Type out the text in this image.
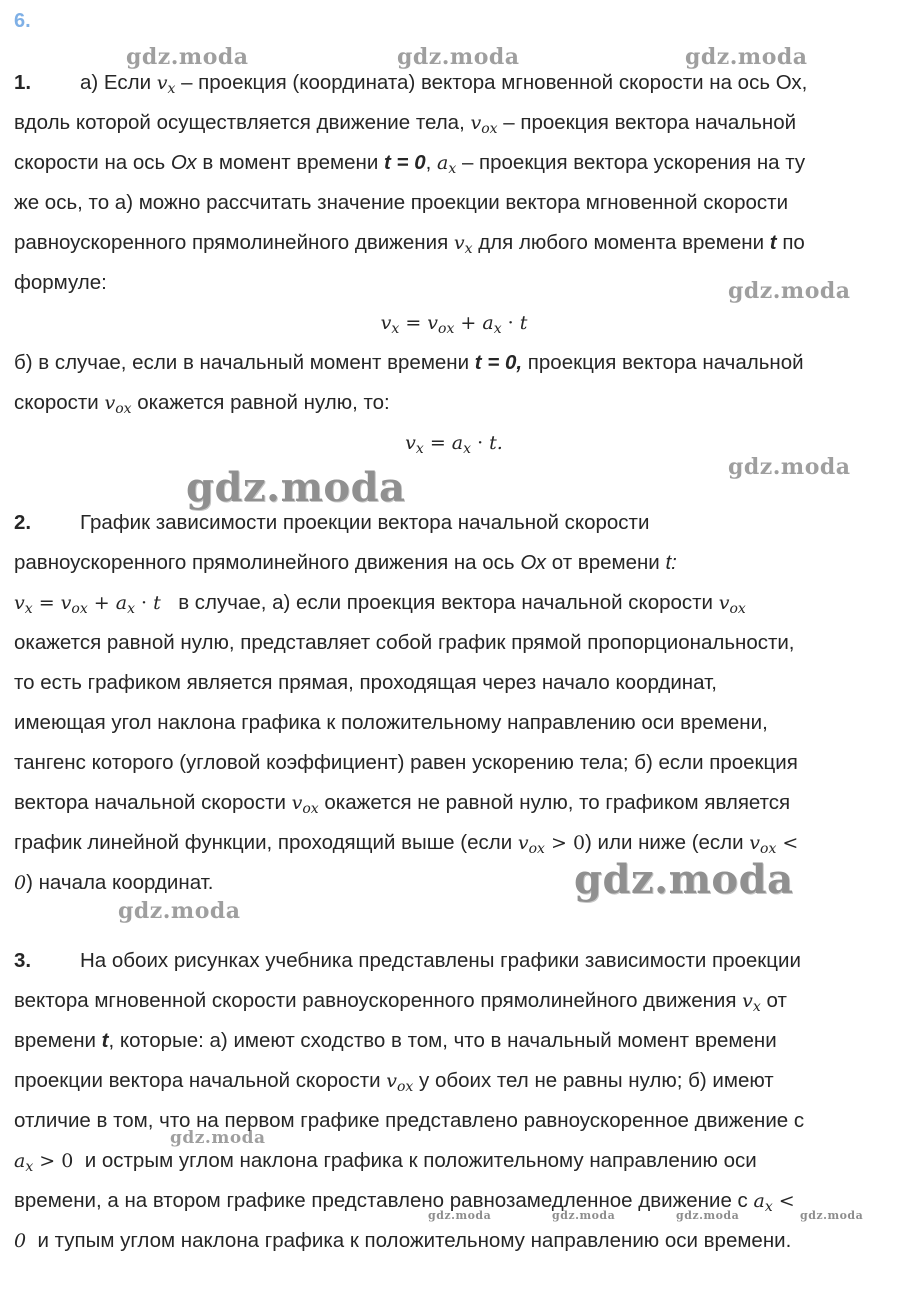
6.
gdz.moda	gdz.moda	gdz.moda
gdz.moda
gdz.moda
gdz.moda
gdz.moda
gdz.moda
gdz.moda
gdz.moda	gdz.moda	gdz.moda	gdz.moda
1. а) Если $v_x$ – проекция (координата) вектора мгновенной скорости на ось Ох,
вдоль которой осуществляется движение тела, $v_{ox}$ – проекция вектора начальной
скорости на ось Ох в момент времени t = 0, $a_x$ – проекция вектора ускорения на ту
же ось, то а) можно рассчитать значение проекции вектора мгновенной скорости
равноускоренного прямолинейного движения $v_x$ для любого момента времени t по
формуле:
$v_x = v_{ox} + a_x \cdot t$
б) в случае, если в начальный момент времени t = 0, проекция вектора начальной
скорости $v_{ox}$ окажется равной нулю, то:
$v_x = a_x \cdot t$.
2. График зависимости проекции вектора начальной скорости
равноускоренного прямолинейного движения на ось Ох от времени t:
$v_x = v_{ox} + a_x \cdot t$ в случае, а) если проекция вектора начальной скорости $v_{ox}$
окажется равной нулю, представляет собой график прямой пропорциональности,
то есть графиком является прямая, проходящая через начало координат,
имеющая угол наклона графика к положительному направлению оси времени,
тангенс которого (угловой коэффициент) равен ускорению тела; б) если проекция
вектора начальной скорости $v_{ox}$ окажется не равной нулю, то графиком является
график линейной функции, проходящий выше (если $v_{ox} > 0$) или ниже (если $v_{ox}$ <
0) начала координат.
3. На обоих рисунках учебника представлены графики зависимости проекции
вектора мгновенной скорости равноускоренного прямолинейного движения $v_x$ от
времени t, которые: а) имеют сходство в том, что в начальный момент времени
проекции вектора начальной скорости $v_{ox}$ у обоих тел не равны нулю; б) имеют
отличие в том, что на первом графике представлено равноускоренное движение с
$a_x > 0$ и острым углом наклона графика к положительному направлению оси
времени, а на втором графике представлено равнозамедленное движение с $a_x$ <
0 и тупым углом наклона графика к положительному направлению оси времени.
